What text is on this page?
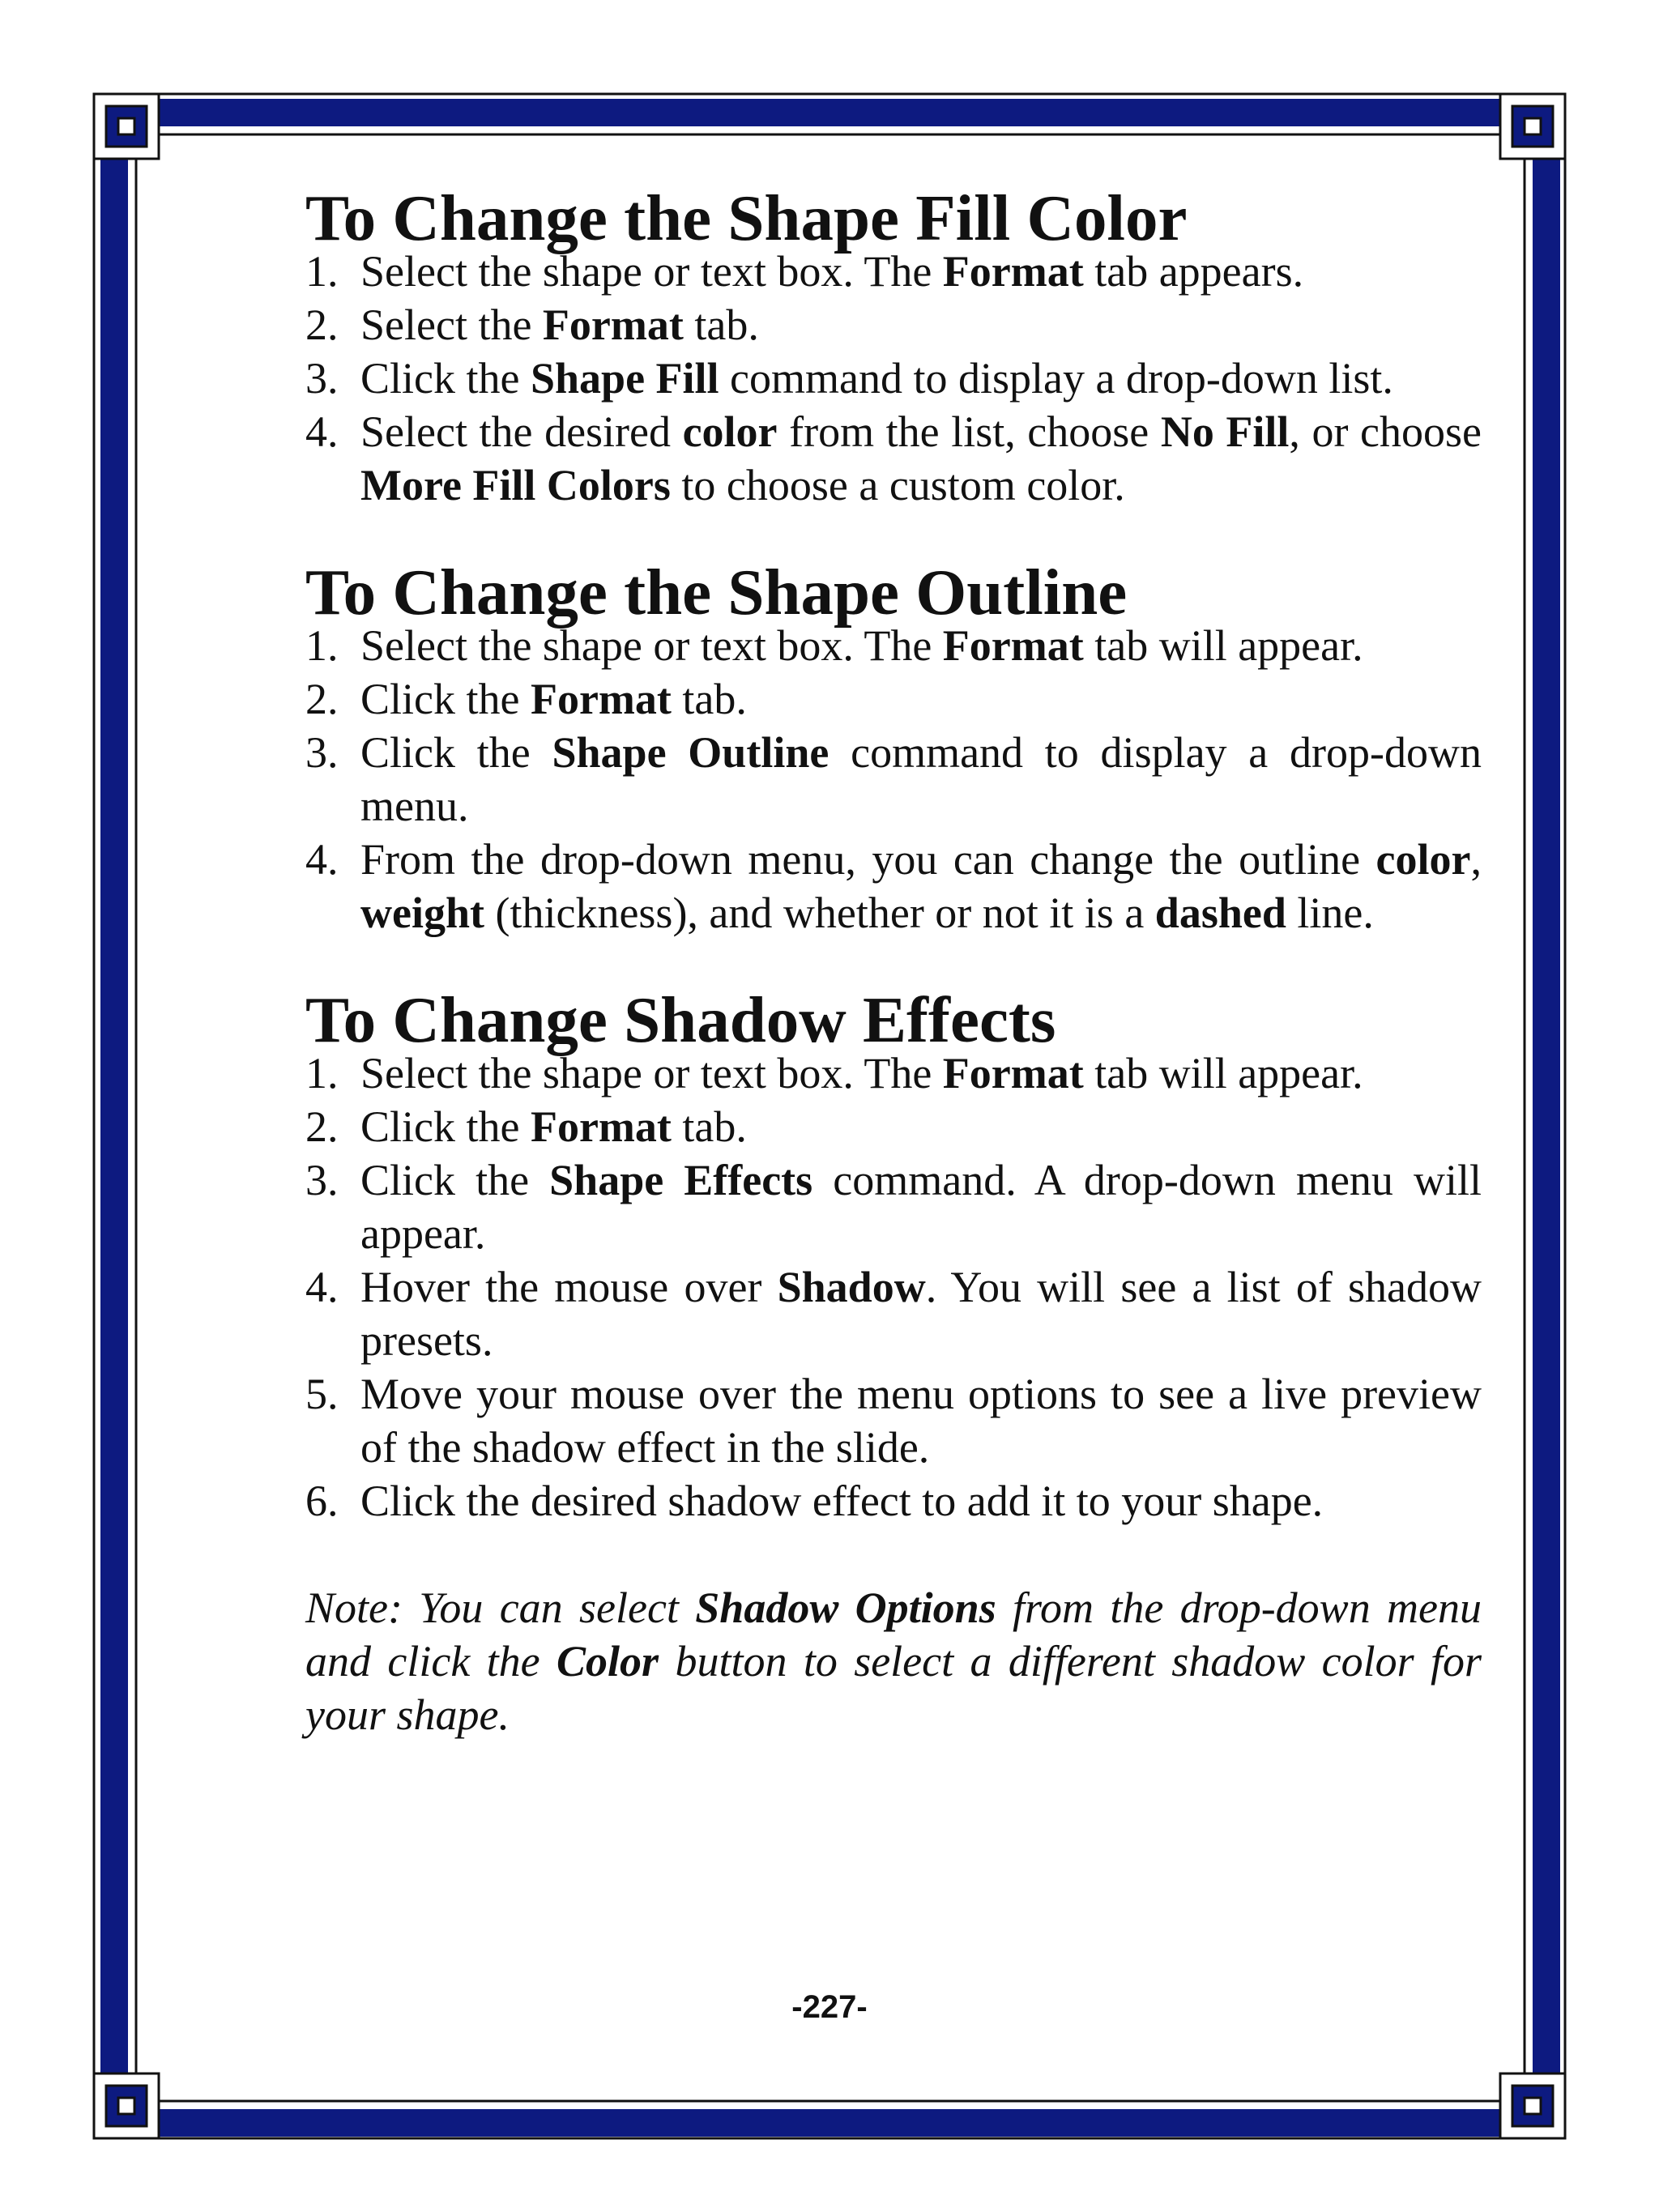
To Change the Shape Fill Color
1. Select the shape or text box. The Format tab appears.
2. Select the Format tab.
3. Click the Shape Fill command to display a drop-down list.
4. Select the desired color from the list, choose No Fill, or choose More Fill Colors to choose a custom color.
To Change the Shape Outline
1. Select the shape or text box. The Format tab will appear.
2. Click the Format tab.
3. Click the Shape Outline command to display a drop-down menu.
4. From the drop-down menu, you can change the outline color, weight (thickness), and whether or not it is a dashed line.
To Change Shadow Effects
1. Select the shape or text box. The Format tab will appear.
2. Click the Format tab.
3. Click the Shape Effects command. A drop-down menu will appear.
4. Hover the mouse over Shadow. You will see a list of shadow presets.
5. Move your mouse over the menu options to see a live preview of the shadow effect in the slide.
6. Click the desired shadow effect to add it to your shape.

Note: You can select Shadow Options from the drop-down menu and click the Color button to select a different shadow color for your shape.

-227-
